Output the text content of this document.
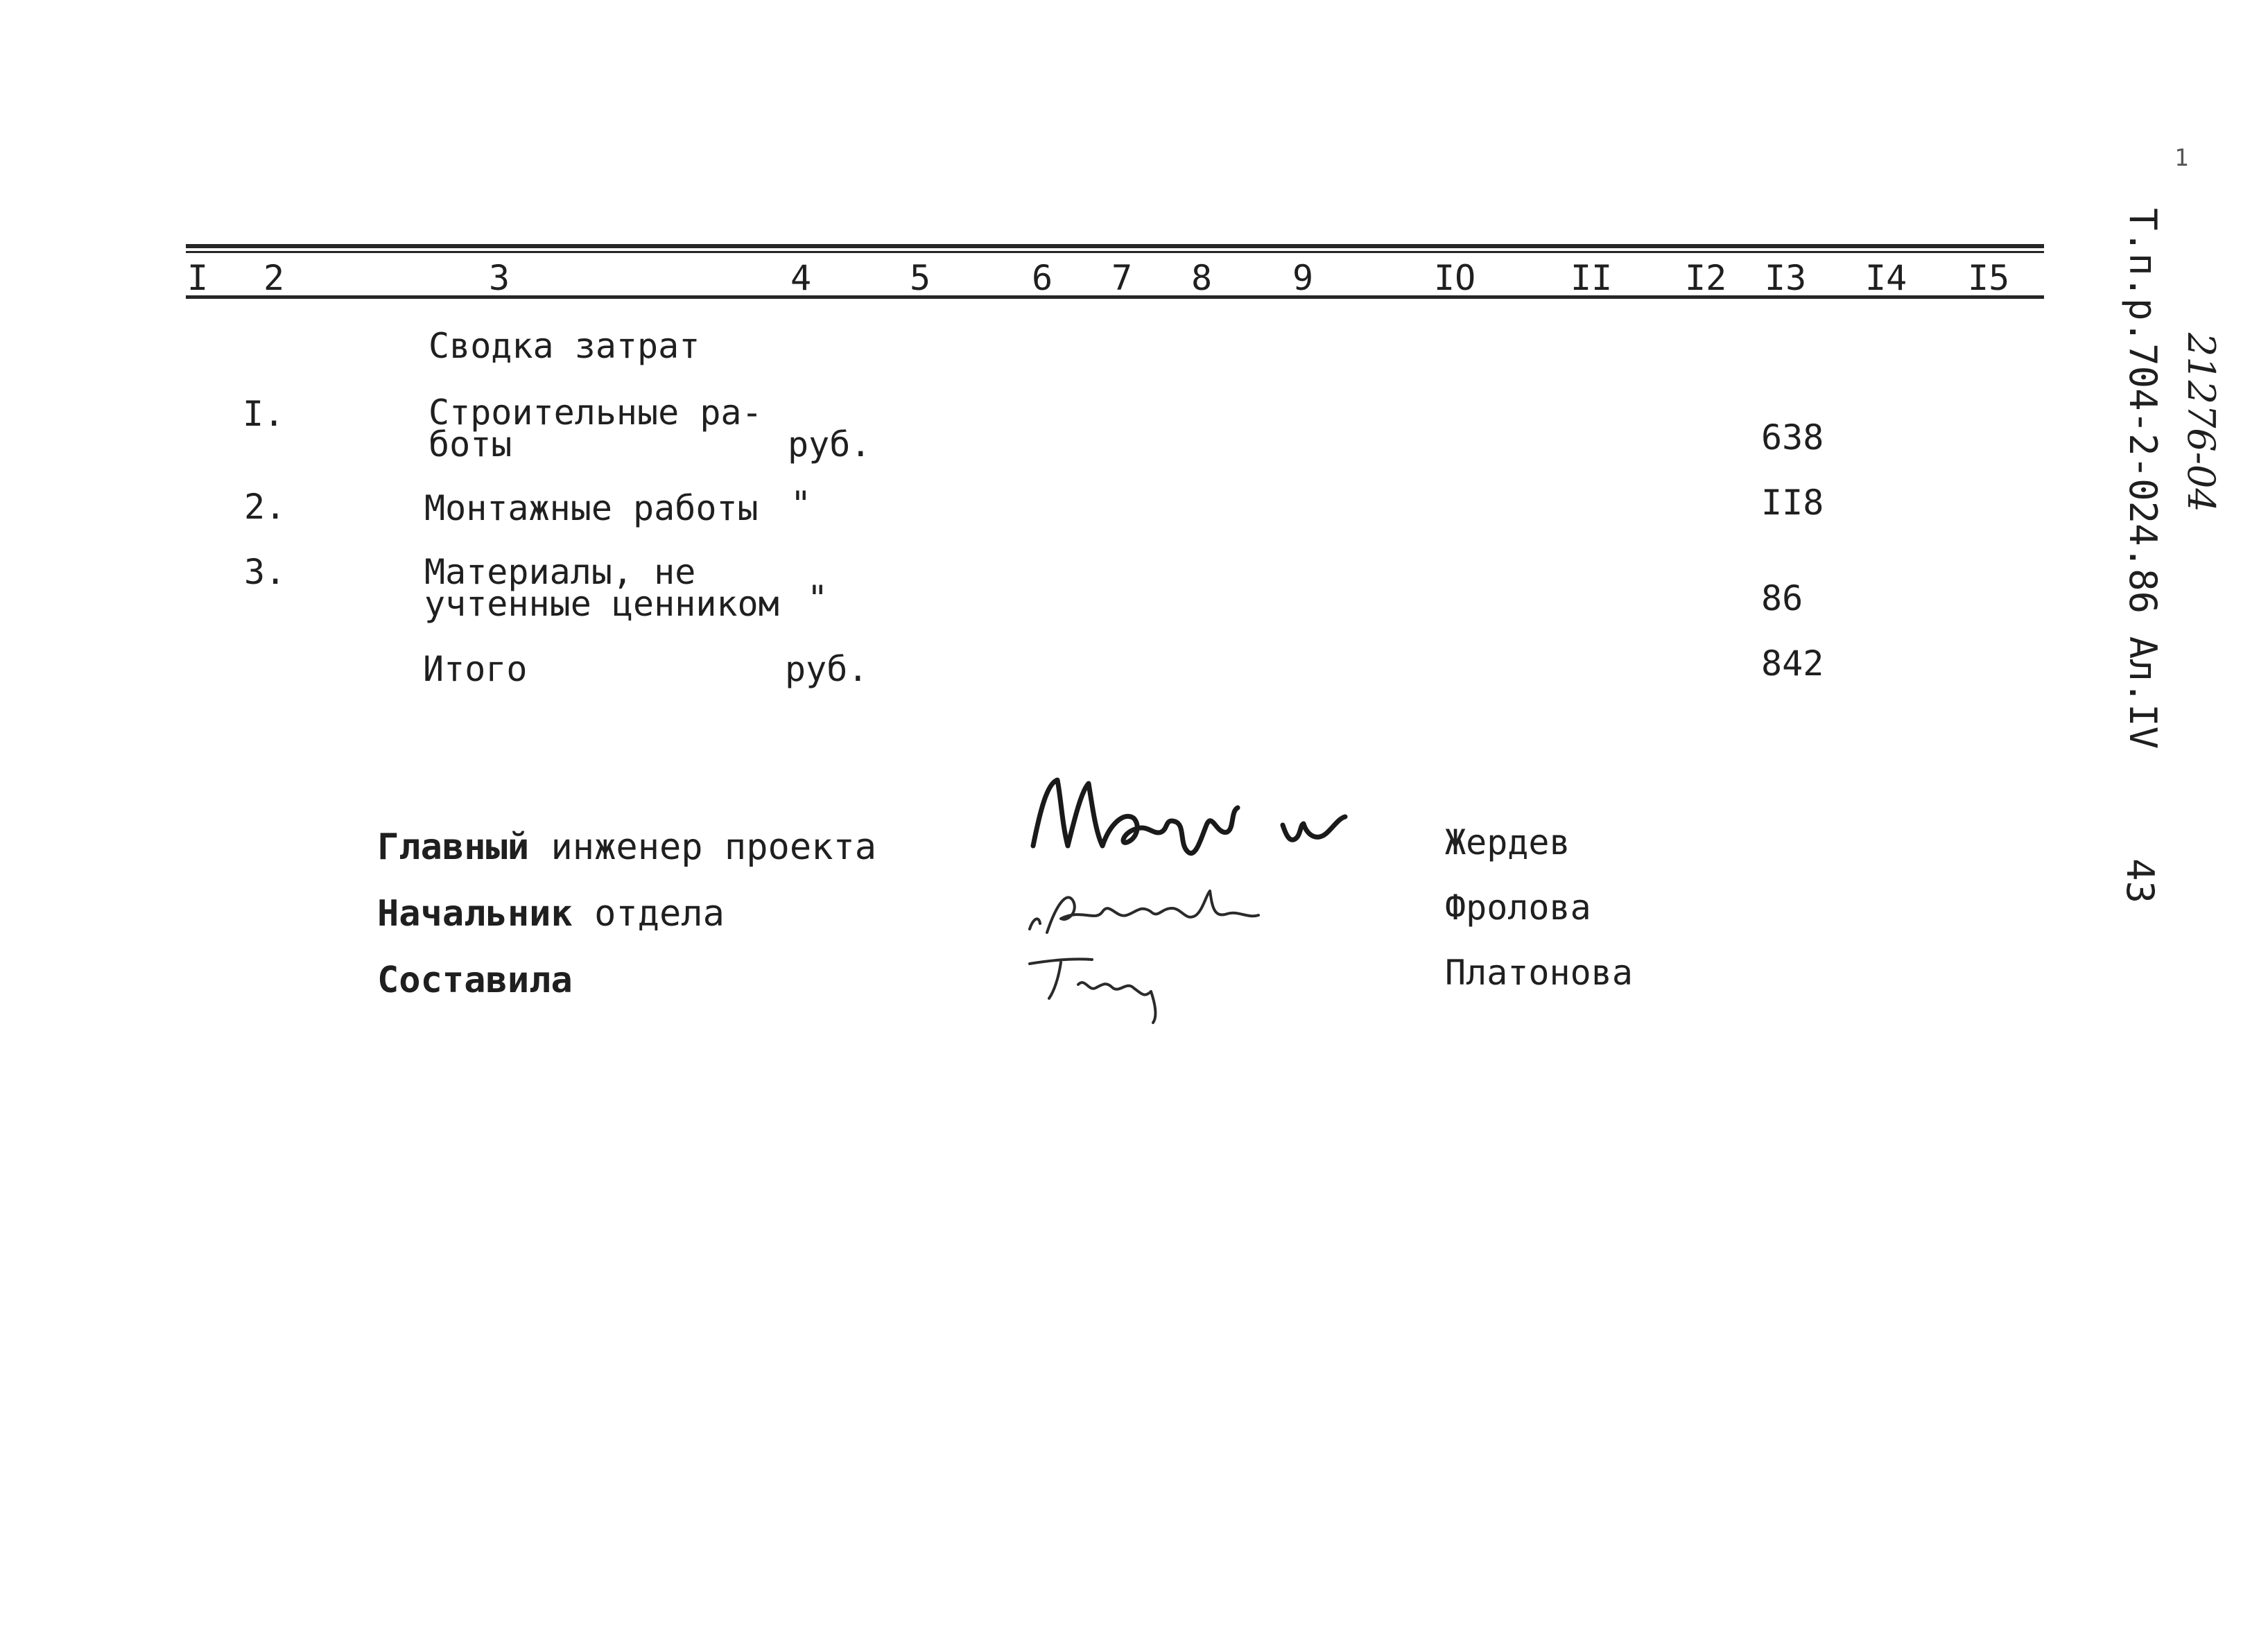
I 2	3	4	5	6 7 8 9	IO	II I2 I3 I4 I5
Сводка затрат
I.	Строительные ра-
боты	руб.	638
2.	Монтажные работы "	II8
3.	Материалы, не
учтенные ценником "	86
Итого	руб.	842
Главный инженер проекта	Жердев
Начальник отдела	Фролова
Составила	Платонова
Т.п.р.704-2-024.86 Ал.IV 21276-04
43
1
